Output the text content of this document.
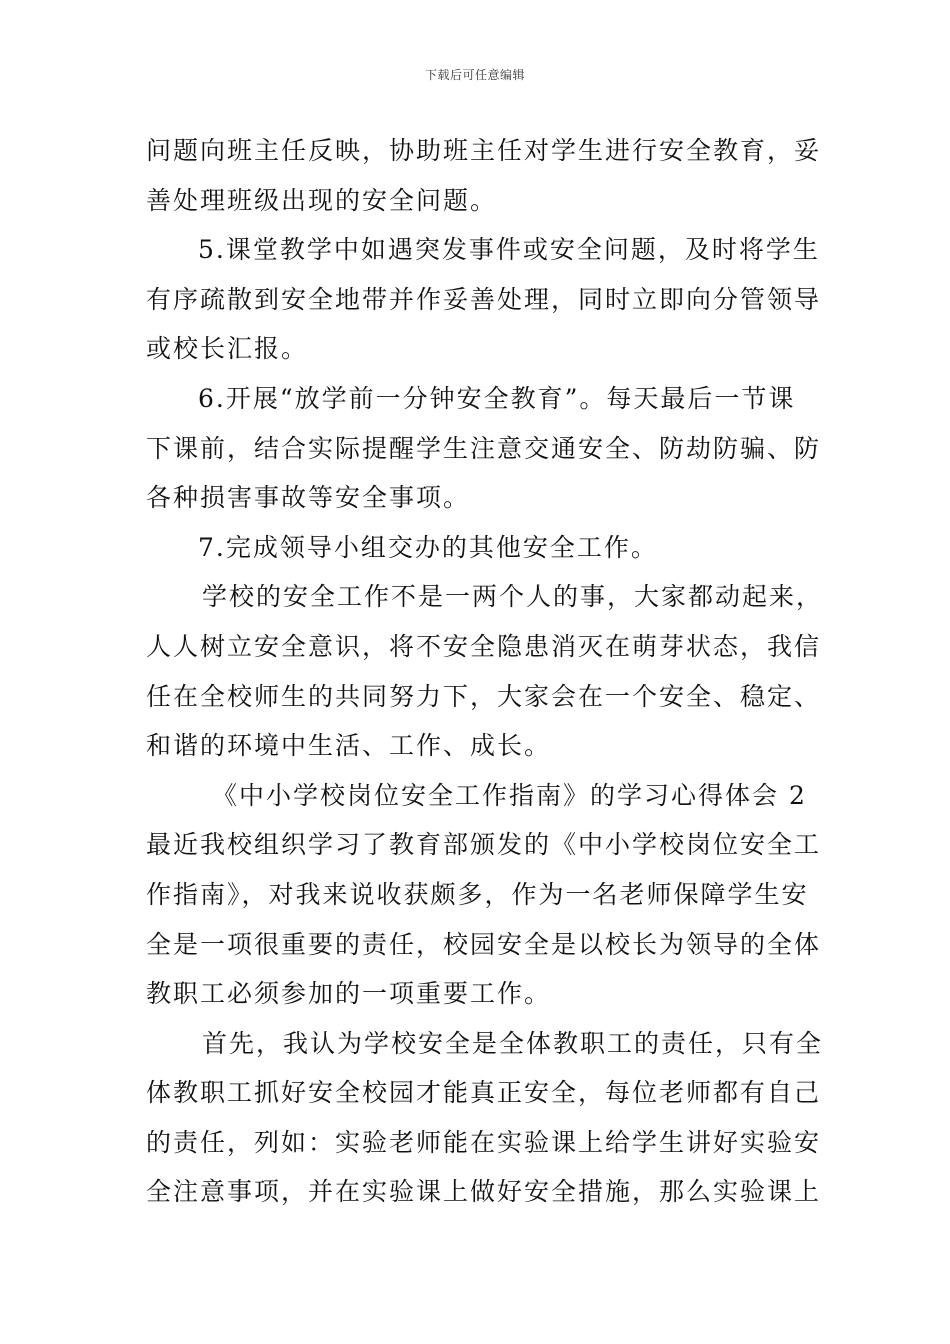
下载后可任意编辑
问题向班主任反映，协助班主任对学生进行安全教育，妥
善处理班级出现的安全问题。
5.课堂教学中如遇突发事件或安全问题，及时将学生
有序疏散到安全地带并作妥善处理，同时立即向分管领导
或校长汇报。
6.开展“放学前一分钟安全教育”。每天最后一节课
下课前，结合实际提醒学生注意交通安全、防劫防骗、防
各种损害事故等安全事项。
7.完成领导小组交办的其他安全工作。
学校的安全工作不是一两个人的事，大家都动起来，
人人树立安全意识，将不安全隐患消灭在萌芽状态，我信
任在全校师生的共同努力下，大家会在一个安全、稳定、
和谐的环境中生活、工作、成长。
《中小学校岗位安全工作指南》的学习心得体会 2
最近我校组织学习了教育部颁发的《中小学校岗位安全工
作指南》，对我来说收获颇多，作为一名老师保障学生安
全是一项很重要的责任，校园安全是以校长为领导的全体
教职工必须参加的一项重要工作。
首先，我认为学校安全是全体教职工的责任，只有全
体教职工抓好安全校园才能真正安全，每位老师都有自己
的责任，列如：实验老师能在实验课上给学生讲好实验安
全注意事项，并在实验课上做好安全措施，那么实验课上
